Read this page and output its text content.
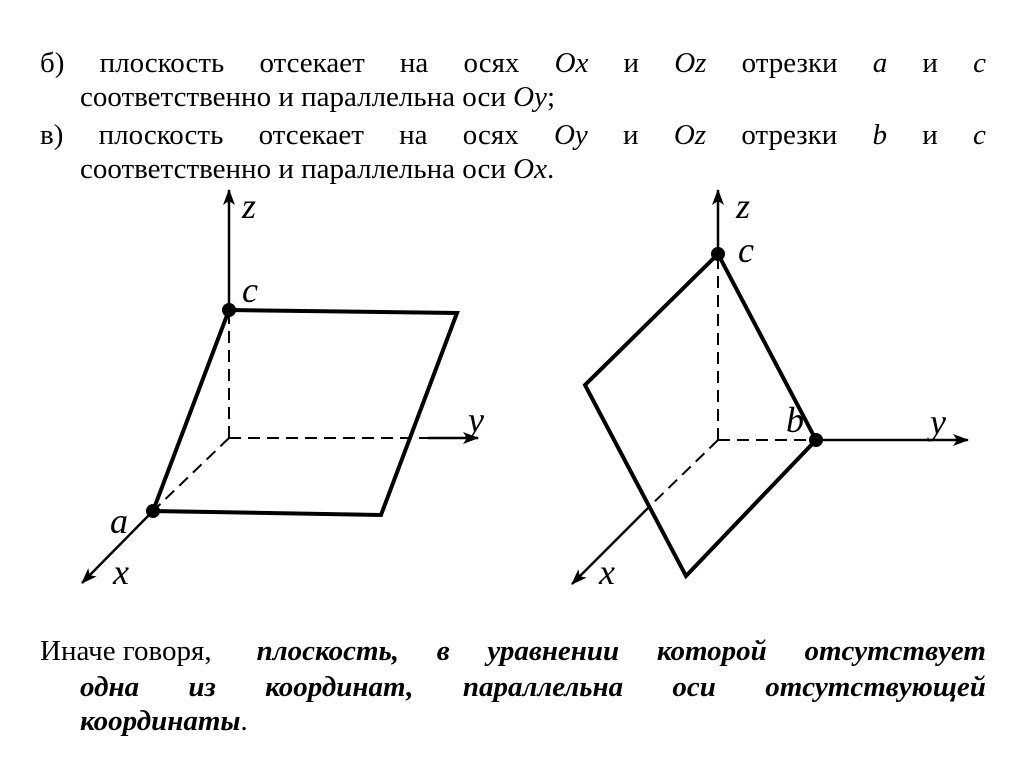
б) плоскость отсекает на осях Ox и Oz отрезки a и c
соответственно и параллельна оси Oy;
в) плоскость отсекает на осях Oy и Oz отрезки b и c
соответственно и параллельна оси Ox.
z
y
x
c
a
z
y
x
c
b
Иначе говоря, плоскость, в уравнении которой отсутствует
одна из координат, параллельна оси отсутствующей
координаты.
